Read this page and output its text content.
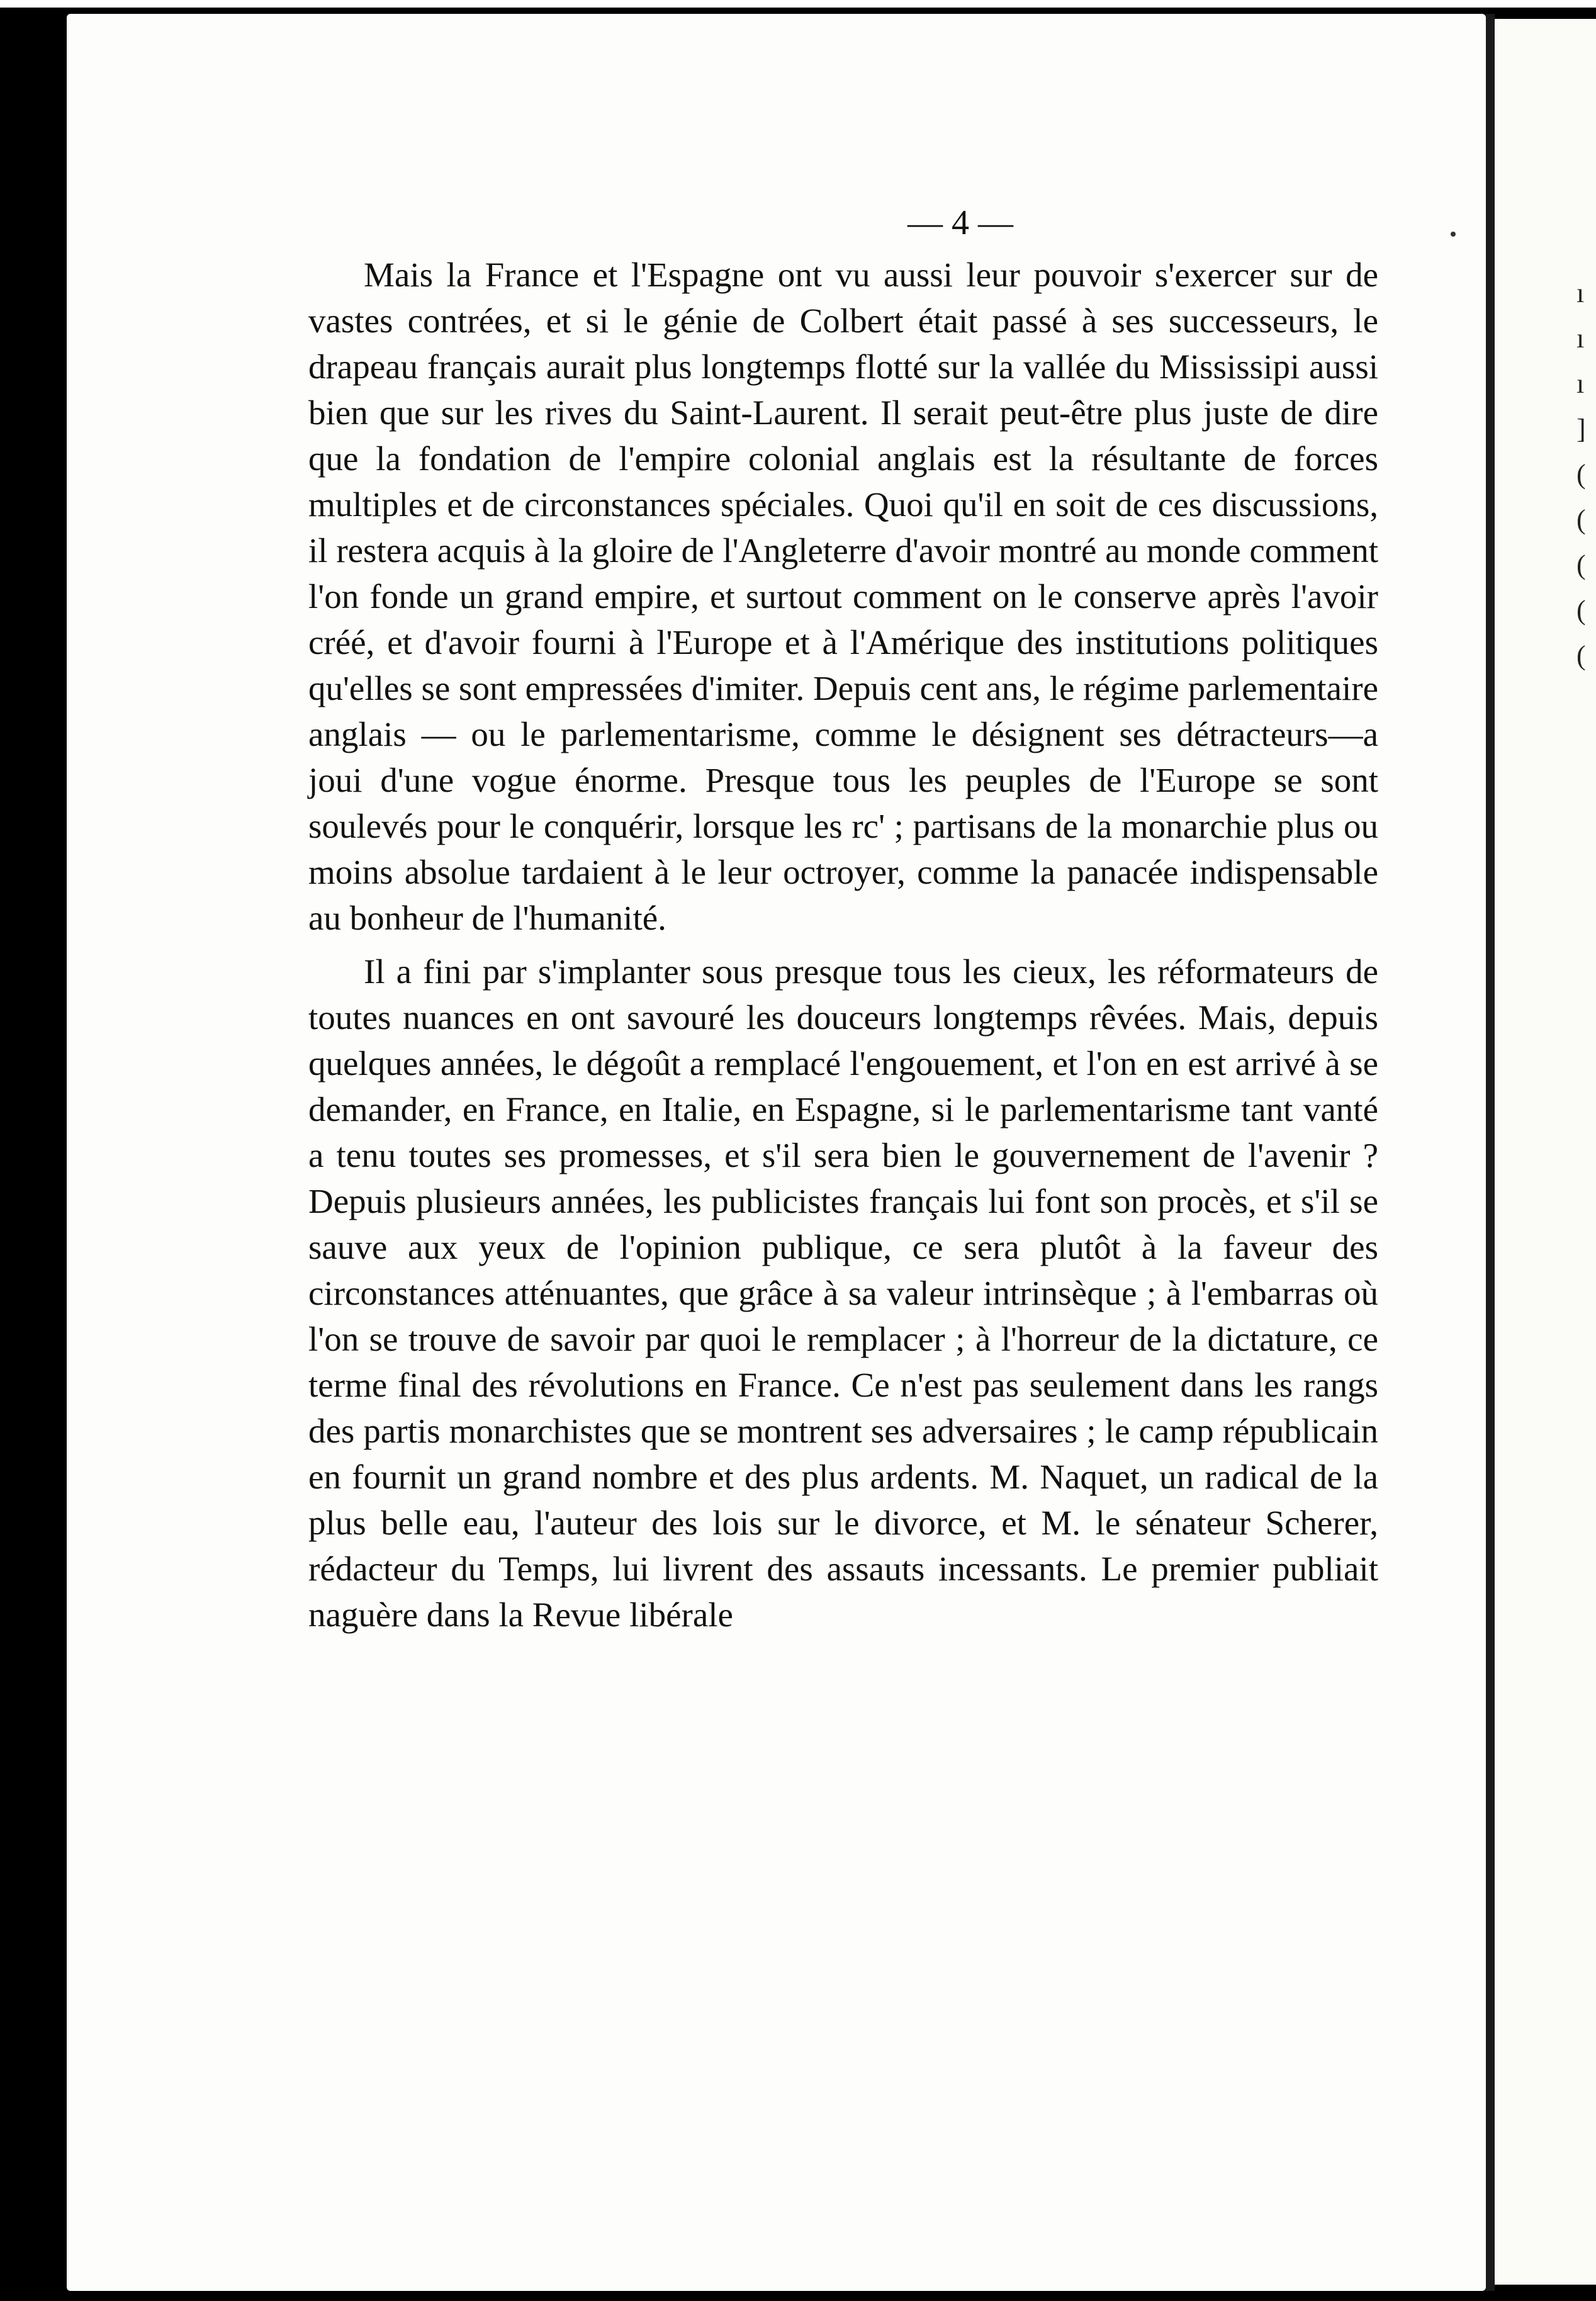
— 4 —

Mais la France et l'Espagne ont vu aussi leur pouvoir s'exercer sur de vastes contrées, et si le génie de Colbert était passé à ses successeurs, le drapeau français aurait plus longtemps flotté sur la vallée du Mississipi aussi bien que sur les rives du Saint-Laurent. Il serait peut-être plus juste de dire que la fondation de l'empire colonial anglais est la résultante de forces multiples et de circonstances spéciales. Quoi qu'il en soit de ces discussions, il restera acquis à la gloire de l'Angleterre d'avoir montré au monde comment l'on fonde un grand empire, et surtout comment on le conserve après l'avoir créé, et d'avoir fourni à l'Europe et à l'Amérique des institutions politiques qu'elles se sont empressées d'imiter. Depuis cent ans, le régime parlementaire anglais — ou le parlementarisme, comme le désignent ses détracteurs—a joui d'une vogue énorme. Presque tous les peuples de l'Europe se sont soulevés pour le conquérir, lorsque les rc' ; partisans de la monarchie plus ou moins absolue tardaient à le leur octroyer, comme la panacée indispensable au bonheur de l'humanité.

Il a fini par s'implanter sous presque tous les cieux, les réformateurs de toutes nuances en ont savouré les douceurs longtemps rêvées. Mais, depuis quelques années, le dégoût a remplacé l'engouement, et l'on en est arrivé à se demander, en France, en Italie, en Espagne, si le parlementarisme tant vanté a tenu toutes ses promesses, et s'il sera bien le gouvernement de l'avenir ? Depuis plusieurs années, les publicistes français lui font son procès, et s'il se sauve aux yeux de l'opinion publique, ce sera plutôt à la faveur des circonstances atténuantes, que grâce à sa valeur intrinsèque ; à l'embarras où l'on se trouve de savoir par quoi le remplacer ; à l'horreur de la dictature, ce terme final des révolutions en France. Ce n'est pas seulement dans les rangs des partis monarchistes que se montrent ses adversaires ; le camp républicain en fournit un grand nombre et des plus ardents. M. Naquet, un radical de la plus belle eau, l'auteur des lois sur le divorce, et M. le sénateur Scherer, rédacteur du Temps, lui livrent des assauts incessants. Le premier publiait naguère dans la Revue libérale

ı
ı
ı
]
(
(
(
(
(
